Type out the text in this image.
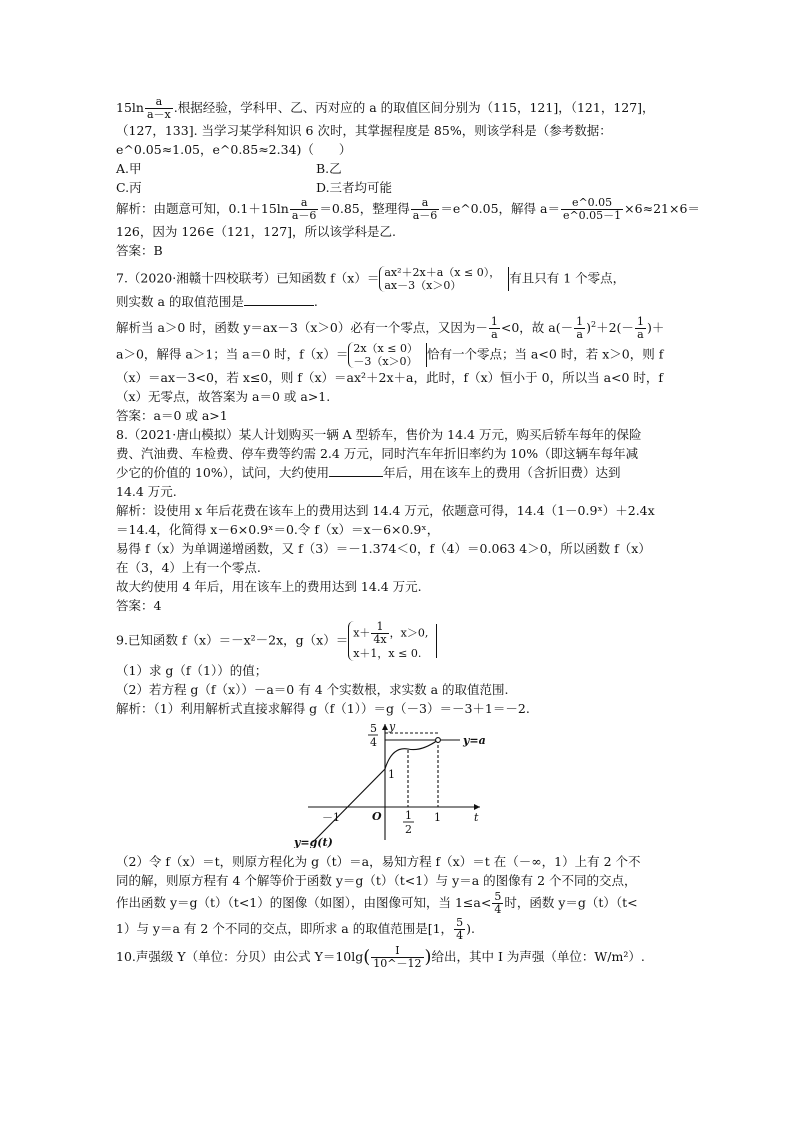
$15\ln \frac{a}{a-x}$ .根据经验，学科甲、乙、丙对应的 a 的取值区间分别为（115，121]，（121，127]，
（127，133]. 当学习某学科知识 6 次时，其掌握程度是 85%，则该学科是（参考数据：
e^0.05≈1.05，e^0.85≈2.34)（　　）
A.甲	B.乙
C.丙	D.三者均可能
解析：由题意可知，$0.1+15\ln \frac{a}{a-6} =0.85$，整理得 $\frac{a}{a-6}$ ＝e^0.05，解得 $a= \frac{e\^{}0.05}{e\^{}0.05-1} \times 6\approx 21\times 6=$
126，因为 126∈（121，127]，所以该学科是乙.
答案：B
7.（2020·湘赣十四校联考）已知函数 f（x）＝ ax²＋2x＋a（x ≤ 0），
ax－3（x＞0）	有且只有 1 个零点，
则实数 a 的取值范围是	.
解析当 a＞0 时，函数 y＝ax－3（x＞0）必有一个零点，又因为－ $\frac{1}{a} <0$，故 $a(- \frac{1}{a} )^2+2(- \frac{1}{a}$ )＋
a＞0，解得 a＞1；当 a＝0 时，f（x）＝ 2x（x ≤ 0）
－3（x＞0） 恰有一个零点；当 a<0 时，若 x＞0，则 f
（x）＝ax－3<0，若 x≤0，则 f（x）＝ax²＋2x＋a，此时，f（x）恒小于 0，所以当 a<0 时，f
（x）无零点，故答案为 a＝0 或 a>1.
答案：a＝0 或 a>1
8.（2021·唐山模拟）某人计划购买一辆 A 型轿车，售价为 14.4 万元，购买后轿车每年的保险
费、汽油费、车检费、停车费等约需 2.4 万元，同时汽车年折旧率约为 10%（即这辆车每年减
少它的价值的 10%），试问，大约使用	年后，用在该车上的费用（含折旧费）达到
14.4 万元.
解析：设使用 x 年后花费在该车上的费用达到 14.4 万元，依题意可得，14.4（1－0.9ˣ）＋2.4x
＝14.4，化简得 x－6×0.9ˣ＝0.令 f（x）＝x－6×0.9ˣ，
易得 f（x）为单调递增函数，又 f（3）＝－1.374＜0，f（4）＝0.063 4＞0，所以函数 f（x）
在（3，4）上有一个零点.
故大约使用 4 年后，用在该车上的费用达到 14.4 万元.
答案：4
9.已知函数 f（x）＝－x²－2x，$g(x)= x+ \frac{1}{4x}$ ，x＞0,
x＋1，x ≤ 0.
（1）求 g（f（1））的值；
（2）若方程 g（f（x））－a＝0 有 4 个实数根，求实数 a 的取值范围.
解析：（1）利用解析式直接求解得 g（f（1））＝g（－3）＝－3＋1＝－2.
y
t
O
5
4
1
－1	1
2
1
y=a
y=g(t)
（2）令 f（x）＝t，则原方程化为 g（t）＝a，易知方程 f（x）＝t 在（－∞，1）上有 2 个不
同的解，则原方程有 4 个解等价于函数 y＝g（t）（t<1）与 y＝a 的图像有 2 个不同的交点，
作出函数 y＝g（t）（t<1）的图像（如图），由图像可知，当 $1\le a< \frac{5}{4}$ 时，函数 y＝g（t）（t<
1）与 y＝a 有 2 个不同的交点，即所求 a 的取值范围是[1， $\frac{5}{4}$ ).
10.声强级 Y（单位：分贝）由公式 $Y=10\lg( \frac{I}{10\^{}-12}$ )给出，其中 I 为声强（单位：W/m²）.
